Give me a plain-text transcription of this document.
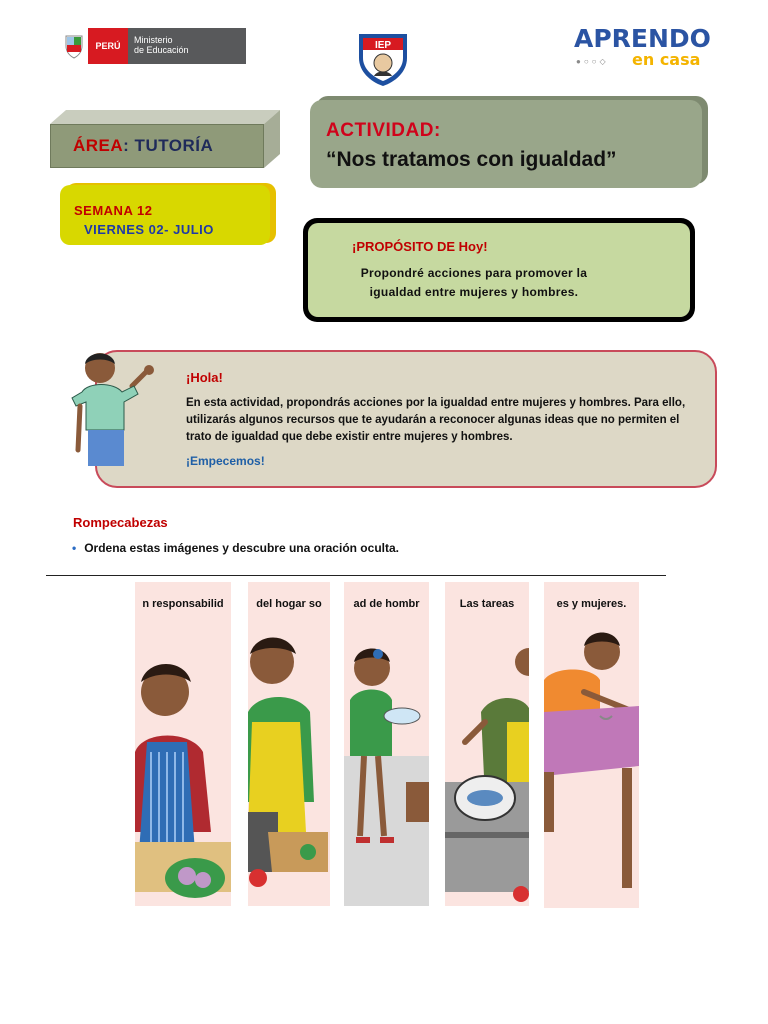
PERÚ
Ministerio
de Educación	IEP	APRENDO
●○○◇ en casa
ÁREA : TUTORÍA
ACTIVIDAD:
“Nos tratamos con igualdad”
SEMANA 12
VIERNES 02- JULIO
¡PROPÓSITO DE Hoy!
Propondré acciones para promover la igualdad entre mujeres y hombres.
¡Hola!
En esta actividad, propondrás acciones por la igualdad entre mujeres y hombres. Para ello, utilizarás algunos recursos que te ayudarán a reconocer algunas ideas que no permiten el trato de igualdad que debe existir entre mujeres y hombres.
¡Empecemos!
Rompecabezas
• Ordena estas imágenes y descubre una oración oculta.
n responsabilid	del hogar so	ad de hombr	Las tareas	es y mujeres.
